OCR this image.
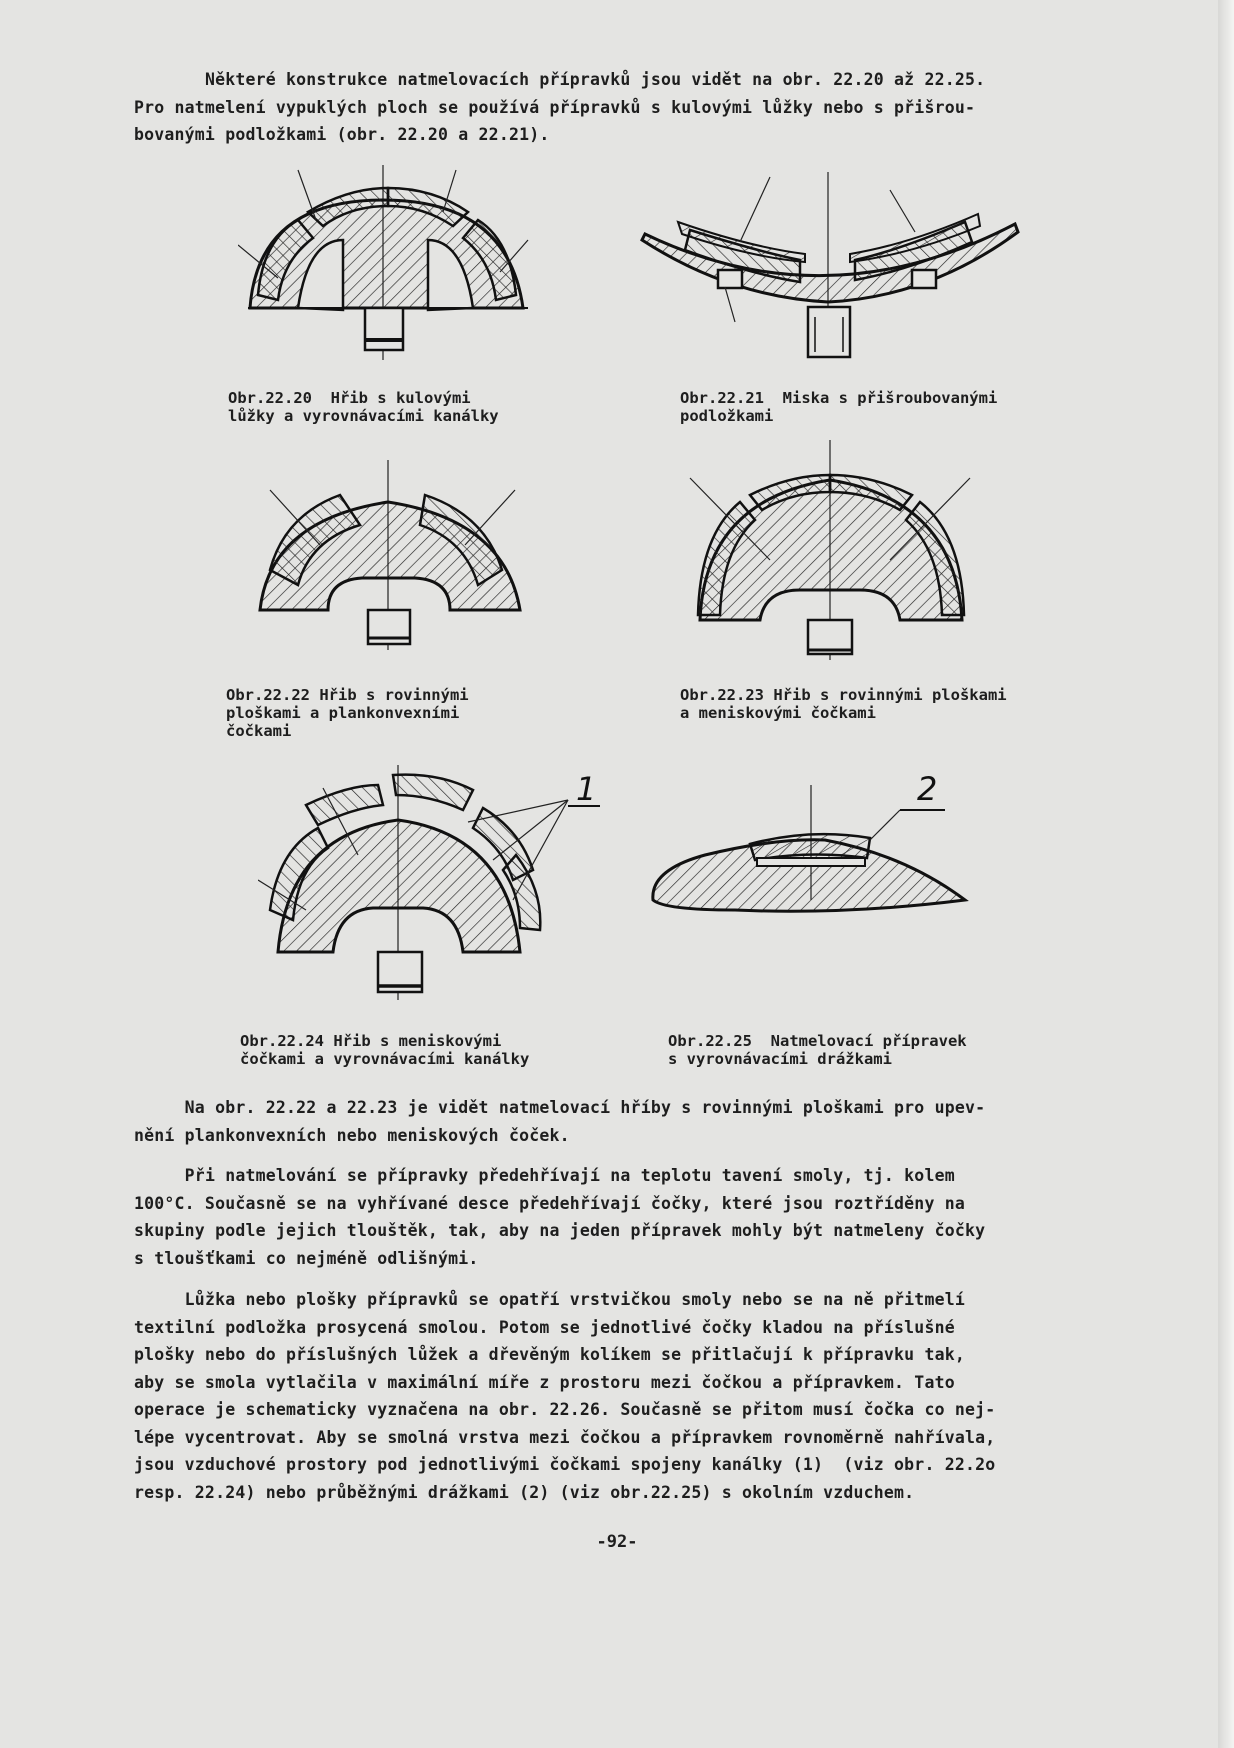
Některé konstrukce natmelovacích přípravků jsou vidět na obr. 22.20 až 22.25.
Pro natmelení vypuklých ploch se používá přípravků s kulovými lůžky nebo s přišrou-
bovanými podložkami (obr. 22.20 a 22.21).

Obr.22.20  Hřib s kulovými
lůžky a vyrovnávacími kanálky

Obr.22.21  Miska s přišroubovanými
podložkami

Obr.22.22 Hřib s rovinnými
ploškami a plankonvexními
čočkami

Obr.22.23 Hřib s rovinnými ploškami
a meniskovými čočkami

1

Obr.22.24 Hřib s meniskovými
čočkami a vyrovnávacími kanálky

2

Obr.22.25  Natmelovací přípravek
s vyrovnávacími drážkami

Na obr. 22.22 a 22.23 je vidět natmelovací hříby s rovinnými ploškami pro upev-
nění plankonvexních nebo meniskových čoček.

Při natmelování se přípravky předehřívají na teplotu tavení smoly, tj. kolem
100°C. Současně se na vyhřívané desce předehřívají čočky, které jsou roztříděny na
skupiny podle jejich tlouštěk, tak, aby na jeden přípravek mohly být natmeleny čočky
s tloušťkami co nejméně odlišnými.

Lůžka nebo plošky přípravků se opatří vrstvičkou smoly nebo se na ně přitmelí
textilní podložka prosycená smolou. Potom se jednotlivé čočky kladou na příslušné
plošky nebo do příslušných lůžek a dřevěným kolíkem se přitlačují k přípravku tak,
aby se smola vytlačila v maximální míře z prostoru mezi čočkou a přípravkem. Tato
operace je schematicky vyznačena na obr. 22.26. Současně se přitom musí čočka co nej-
lépe vycentrovat. Aby se smolná vrstva mezi čočkou a přípravkem rovnoměrně nahřívala,
jsou vzduchové prostory pod jednotlivými čočkami spojeny kanálky (1)  (viz obr. 22.2o
resp. 22.24) nebo průběžnými drážkami (2) (viz obr.22.25) s okolním vzduchem.

-92-
